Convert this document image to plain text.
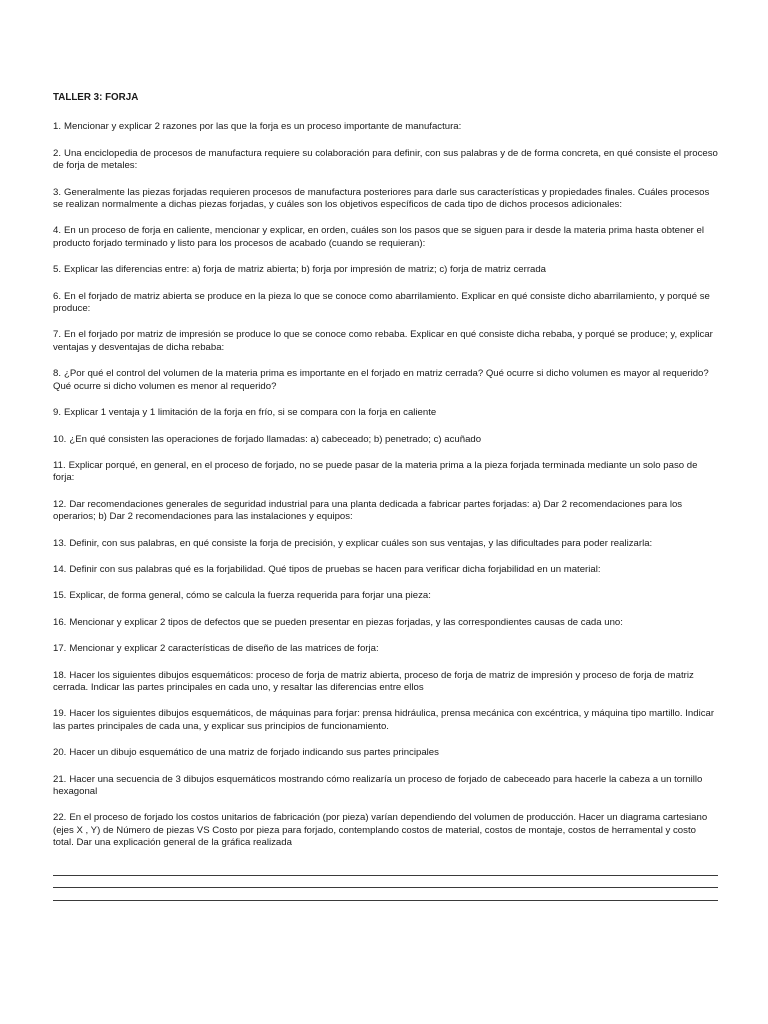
TALLER 3: FORJA
1. Mencionar y explicar 2 razones por las que la forja es un proceso importante de manufactura:
2. Una enciclopedia de procesos de manufactura requiere su colaboración para definir, con sus palabras y de de forma concreta, en qué consiste el proceso de forja de metales:
3. Generalmente las piezas forjadas requieren procesos de manufactura posteriores para darle sus características y propiedades finales. Cuáles procesos se realizan normalmente a dichas piezas forjadas, y cuáles son los objetivos específicos de cada tipo de dichos procesos adicionales:
4. En un proceso de forja en caliente, mencionar y explicar, en orden, cuáles son los pasos que se siguen para ir desde la materia prima hasta obtener el producto forjado terminado y listo para los procesos de acabado (cuando se requieran):
5. Explicar las diferencias entre: a) forja de matriz abierta; b) forja por impresión de matriz; c) forja de matriz cerrada
6. En el forjado de matriz abierta se produce en la pieza lo que se conoce como abarrilamiento. Explicar en qué consiste dicho abarrilamiento, y porqué se produce:
7. En el forjado por matriz de impresión se produce lo que se conoce como rebaba. Explicar en qué consiste dicha rebaba, y porqué se produce; y, explicar ventajas y desventajas de dicha rebaba:
8. ¿Por qué el control del volumen de la materia prima es importante en el forjado en matriz cerrada? Qué ocurre si dicho volumen es mayor al requerido? Qué ocurre si dicho volumen es menor al requerido?
9. Explicar 1 ventaja y 1 limitación de la forja en frío, si se compara con la forja en caliente
10. ¿En qué consisten las operaciones de forjado llamadas: a) cabeceado; b) penetrado; c) acuñado
11. Explicar porqué, en general, en el proceso de forjado, no se puede pasar de la materia prima a la pieza forjada terminada mediante un solo paso de forja:
12. Dar recomendaciones generales de seguridad industrial para una planta dedicada a fabricar partes forjadas: a) Dar 2 recomendaciones para los operarios; b) Dar 2 recomendaciones para las instalaciones y equipos:
13. Definir, con sus palabras, en qué consiste la forja de precisión, y explicar cuáles son sus ventajas, y las dificultades para poder realizarla:
14. Definir con sus palabras qué es la forjabilidad. Qué tipos de pruebas se hacen para verificar dicha forjabilidad en un material:
15. Explicar, de forma general, cómo se calcula la fuerza requerida para forjar una pieza:
16. Mencionar y explicar 2 tipos de defectos que se pueden presentar en piezas forjadas, y las correspondientes causas de cada uno:
17. Mencionar y explicar 2 características de diseño de las matrices de forja:
18. Hacer los siguientes dibujos esquemáticos: proceso de forja de matriz abierta, proceso de forja de matriz de impresión y proceso de forja de matriz cerrada. Indicar las partes principales en cada uno, y resaltar las diferencias entre ellos
19. Hacer los siguientes dibujos esquemáticos, de máquinas para forjar: prensa hidráulica, prensa mecánica con excéntrica, y máquina tipo martillo. Indicar las partes principales de cada una, y explicar sus principios de funcionamiento.
20. Hacer un dibujo esquemático de una matriz de forjado indicando sus partes principales
21. Hacer una secuencia de 3 dibujos esquemáticos mostrando cómo realizaría un proceso de forjado de cabeceado para hacerle la cabeza a un tornillo hexagonal
22. En el proceso de forjado los costos unitarios de fabricación (por pieza) varían dependiendo del volumen de producción. Hacer un diagrama cartesiano (ejes X , Y) de Número de piezas VS Costo por pieza para forjado, contemplando costos de material, costos de montaje, costos de herramental y costo total. Dar una explicación general de la gráfica realizada
